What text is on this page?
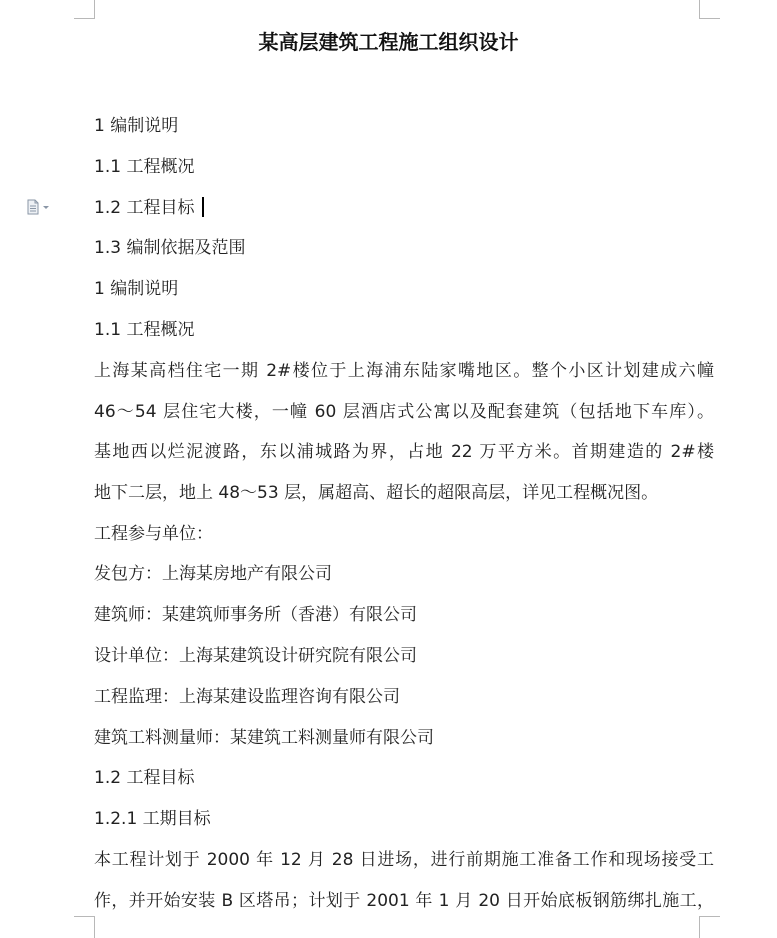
某高层建筑工程施工组织设计
1 编制说明
1.1 工程概况
1.2 工程目标
1.3 编制依据及范围
1 编制说明
1.1 工程概况
上海某高档住宅一期 2#楼位于上海浦东陆家嘴地区。整个小区计划建成六幢
46～54 层住宅大楼，一幢 60 层酒店式公寓以及配套建筑（包括地下车库）。
基地西以烂泥渡路，东以浦城路为界，占地 22 万平方米。首期建造的 2#楼
地下二层，地上 48～53 层，属超高、超长的超限高层，详见工程概况图。
工程参与单位：
发包方：上海某房地产有限公司
建筑师：某建筑师事务所（香港）有限公司
设计单位：上海某建筑设计研究院有限公司
工程监理：上海某建设监理咨询有限公司
建筑工料测量师：某建筑工料测量师有限公司
1.2 工程目标
1.2.1 工期目标
本工程计划于 2000 年 12 月 28 日进场，进行前期施工准备工作和现场接受工
作，并开始安装 B 区塔吊；计划于 2001 年 1 月 20 日开始底板钢筋绑扎施工，
